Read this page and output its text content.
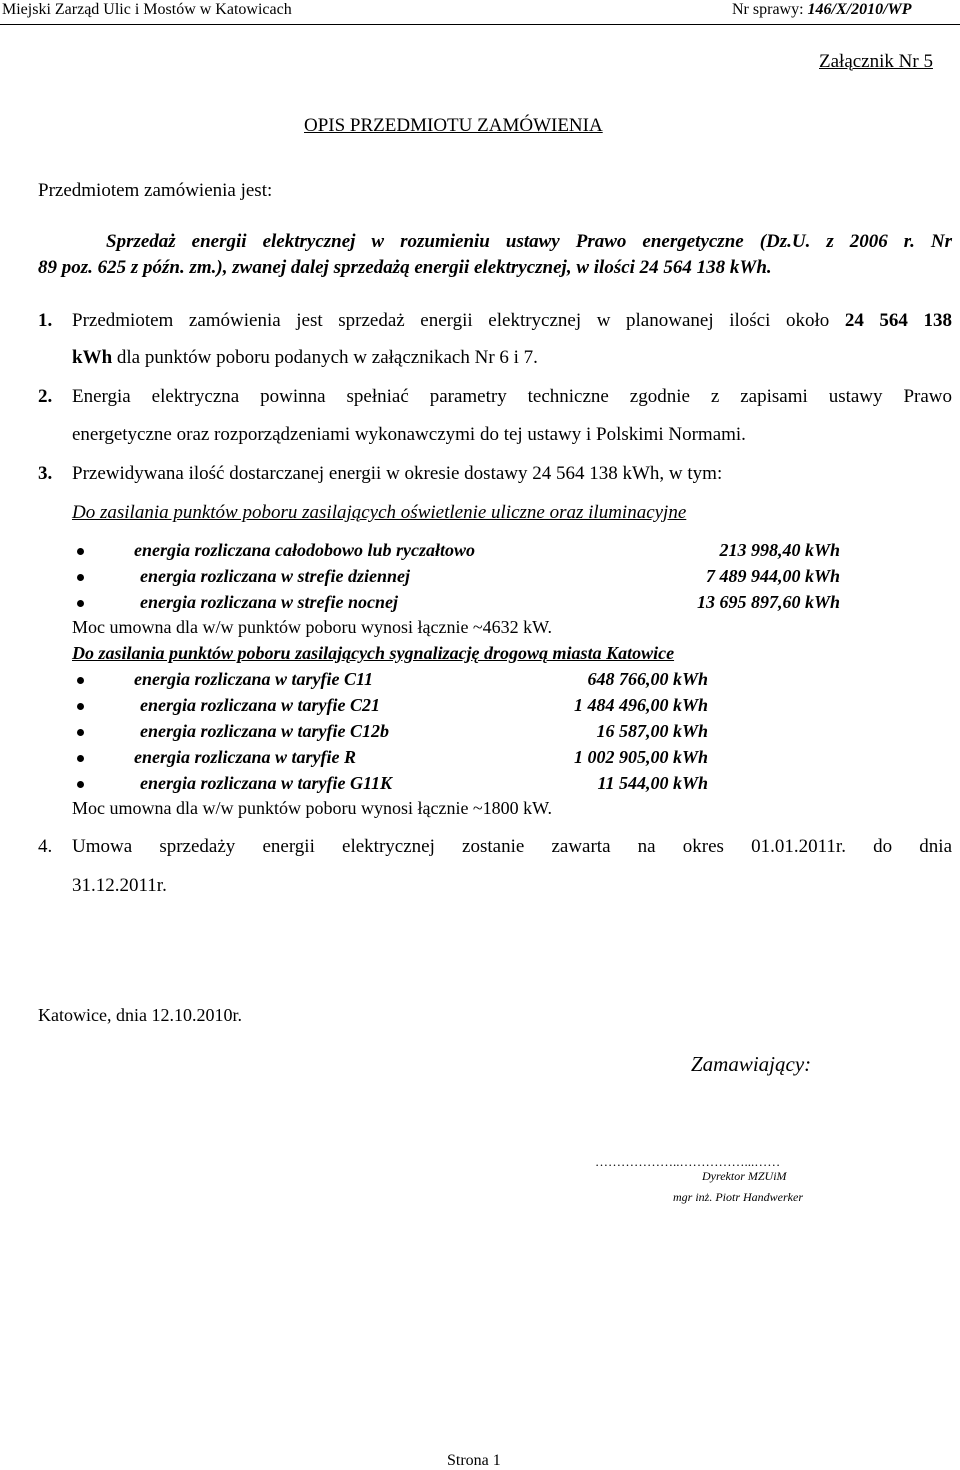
Miejski Zarząd Ulic i Mostów w Katowicach	Nr sprawy: 146/X/2010/WP
Załącznik Nr 5
OPIS PRZEDMIOTU ZAMÓWIENIA
Przedmiotem zamówienia jest:
Sprzedaż energii elektrycznej w rozumieniu ustawy Prawo energetyczne (Dz.U. z 2006 r. Nr
89 poz. 625 z późn. zm.), zwanej dalej sprzedażą energii elektrycznej, w ilości 24 564 138 kWh.
1. Przedmiotem zamówienia jest sprzedaż energii elektrycznej w planowanej ilości około 24 564 138
kWh dla punktów poboru podanych w załącznikach Nr 6 i 7.
2. Energia elektryczna powinna spełniać parametry techniczne zgodnie z zapisami ustawy Prawo
energetyczne oraz rozporządzeniami wykonawczymi do tej ustawy i Polskimi Normami.
3. Przewidywana ilość dostarczanej energii w okresie dostawy 24 564 138 kWh, w tym:
Do zasilania punktów poboru zasilających oświetlenie uliczne oraz iluminacyjne
energia rozliczana całodobowo lub ryczałtowo	213 998,40 kWh
energia rozliczana w strefie dziennej	7 489 944,00 kWh
energia rozliczana w strefie nocnej	13 695 897,60 kWh
Moc umowna dla w/w punktów poboru wynosi łącznie ~4632 kW.
Do zasilania punktów poboru zasilających sygnalizację drogową miasta Katowice
energia rozliczana w taryfie C11	648 766,00 kWh
energia rozliczana w taryfie C21	1 484 496,00 kWh
energia rozliczana w taryfie C12b	16 587,00 kWh
energia rozliczana w taryfie R	1 002 905,00 kWh
energia rozliczana w taryfie G11K	11 544,00 kWh
Moc umowna dla w/w punktów poboru wynosi łącznie ~1800 kW.
4. Umowa sprzedaży energii elektrycznej zostanie zawarta na okres 01.01.2011r. do dnia
31.12.2011r.
Katowice, dnia 12.10.2010r.
Zamawiający:
………………..……………...……
Dyrektor MZUiM
mgr inż. Piotr Handwerker
Strona 1
